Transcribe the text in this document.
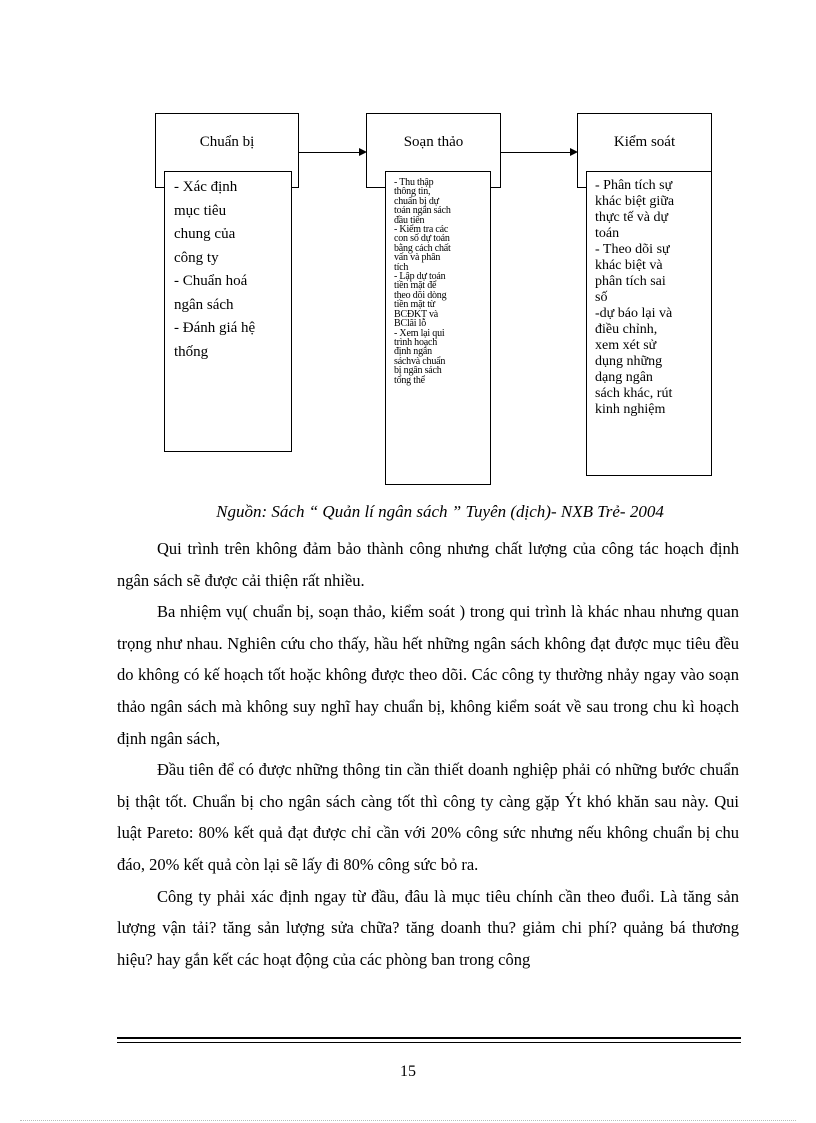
Chuẩn bị	Soạn thảo	Kiểm soát
- Xác định
mục tiêu
chung của
công ty
- Chuẩn hoá
ngân sách
- Đánh giá hệ
thống
- Thu thập
thông tin,
chuẩn bị dự
toán ngân sách
đầu tiên
- Kiểm tra các
con số dự toán
bằng cách chất
vấn và phân
tích
- Lập dự toán
tiền mặt để
theo dõi dòng
tiền mặt từ
BCĐKT và
BClãi lỗ
- Xem lại qui
trình hoạch
định ngân
sáchvà chuẩn
bị ngân sách
tổng thể
- Phân tích sự
khác biệt giữa
thực tế và dự
toán
- Theo dõi sự
khác biệt và
phân tích sai
số
-dự báo lại và
điều chỉnh,
xem xét sử
dụng những
dạng ngân
sách khác, rút
kinh nghiệm
Nguồn: Sách “ Quản lí ngân sách ” Tuyên (dịch)- NXB Trẻ- 2004

Qui trình trên không đảm bảo thành công nhưng chất lượng của công tác hoạch định ngân sách sẽ được cải thiện rất nhiều.

Ba nhiệm vụ( chuẩn bị, soạn thảo, kiểm soát ) trong qui trình là khác nhau nhưng quan trọng như nhau. Nghiên cứu cho thấy, hầu hết những ngân sách không đạt được mục tiêu đều do không có kế hoạch tốt hoặc không được theo dõi. Các công ty thường nhảy ngay vào soạn thảo ngân sách mà không suy nghĩ hay chuẩn bị, không kiểm soát về sau trong chu kì hoạch định ngân sách,

Đầu tiên để có được những thông tin cần thiết doanh nghiệp phải có những bước chuẩn bị thật tốt. Chuẩn bị cho ngân sách càng tốt thì công ty càng gặp Ýt khó khăn sau này. Qui luật Pareto: 80% kết quả đạt được chỉ cần với 20% công sức nhưng nếu không chuẩn bị chu đáo, 20% kết quả còn lại sẽ lấy đi 80% công sức bỏ ra.

Công ty phải xác định ngay từ đầu, đâu là mục tiêu chính cần theo đuổi. Là tăng sản lượng vận tải? tăng sản lượng sửa chữa? tăng doanh thu? giảm chi phí? quảng bá thương hiệu? hay gắn kết các hoạt động của các phòng ban trong công

15
